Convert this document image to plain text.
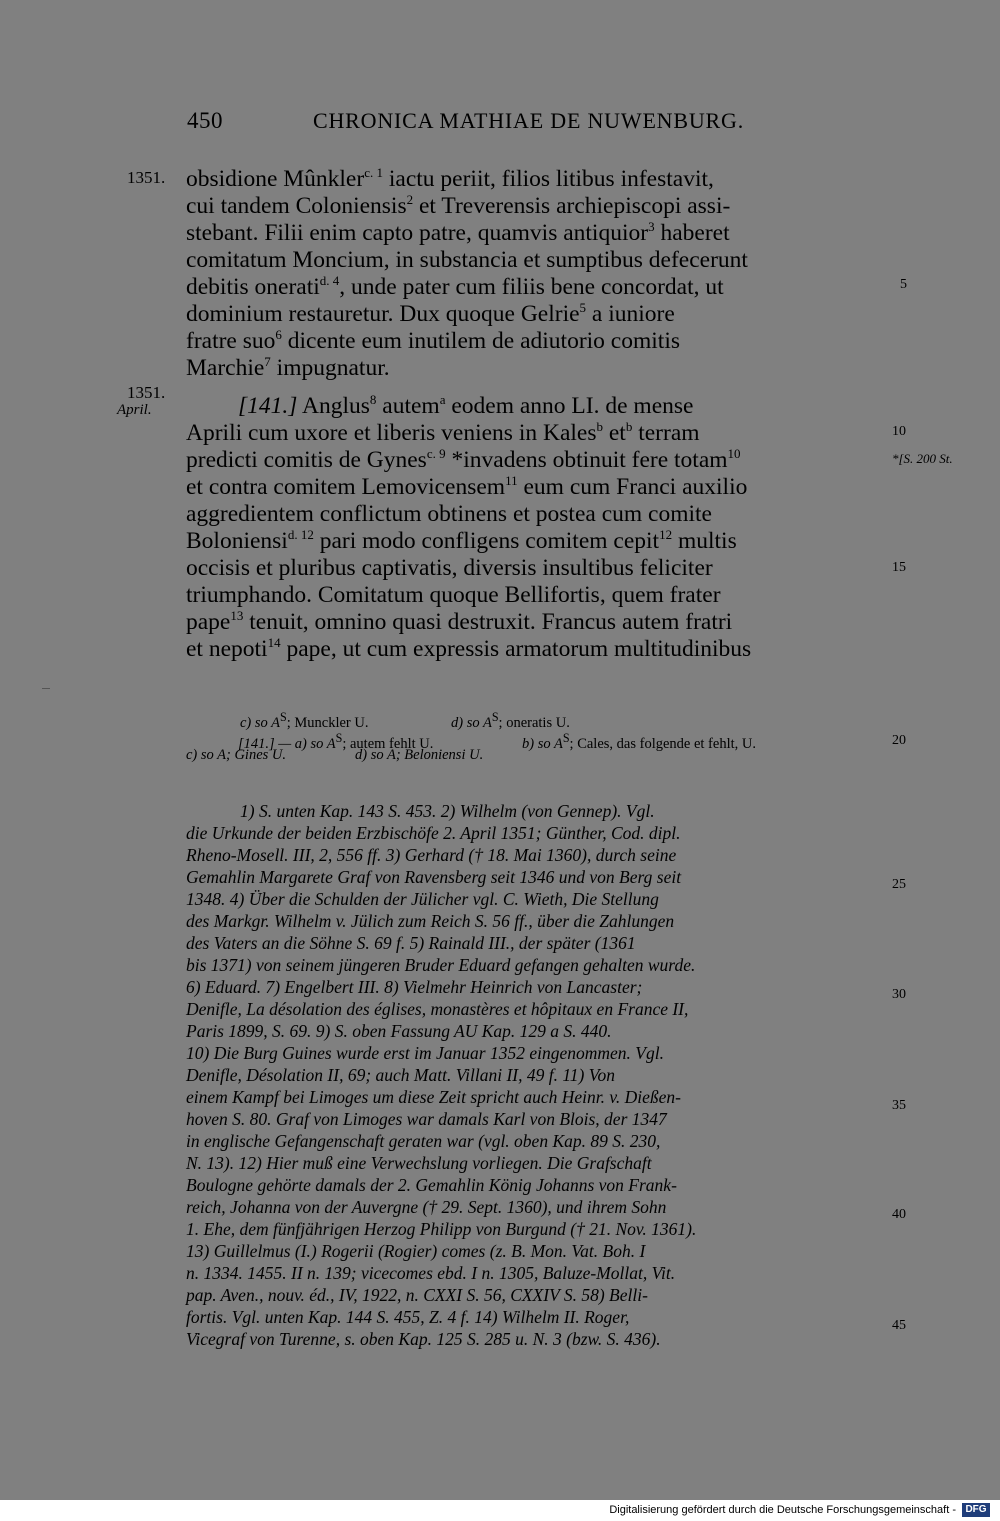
450	CHRONICA MATHIAE DE NUWENBURG.
1351.
1351.
April.
*[S. 200 St.
5
10
15
20
25
30
35
40
45
obsidione Mûnkler$^{c. 1}$ iactu periit, filios litibus infestavit,
cui tandem Coloniensis$^2$ et Treverensis archiepiscopi assi-
stebant. Filii enim capto patre, quamvis antiquior$^3$ haberet
comitatum Moncium, in substancia et sumptibus defecerunt
debitis onerati$^{d. 4}$, unde pater cum filiis bene concordat, ut
dominium restauretur. Dux quoque Gelrie$^5$ a iuniore
fratre suo$^6$ dicente eum inutilem de adiutorio comitis
Marchie$^7$ impugnatur.
[141.] Anglus$^8$ autem$^a$ eodem anno LI. de mense
Aprili cum uxore et liberis veniens in Kales$^b$ $et^b$ terram
predicti comitis de Gynes$^{c. 9}$ *invadens obtinuit fere totam$^{10}$
et contra comitem Lemovicensem$^{11}$ eum cum Franci auxilio
aggredientem conflictum obtinens et postea cum comite
Boloniensi$^{d. 12}$ pari modo confligens comitem cepit$^{12}$ multis
occisis et pluribus captivatis, diversis insultibus feliciter
triumphando. Comitatum quoque Bellifortis, quem frater
pape$^{13}$ tenuit, omnino quasi destruxit. Francus autem fratri
et nepoti$^{14}$ pape, ut cum expressis armatorum multitudinibus
c) so $A^S$; Munckler U.	d) so $A^S$; oneratis U.
[141.] — a) so $A^S$; autem fehlt U.	b) so $A^S$; Cales, das folgende et fehlt, U.
c) so A; Gines U.	d) so A; Beloniensi U.
1) S. unten Kap. 143 S. 453. 2) Wilhelm (von Gennep). Vgl.
die Urkunde der beiden Erzbischöfe 2. April 1351; Günther, Cod. dipl.
Rheno-Mosell. III, 2, 556 ff. 3) Gerhard († 18. Mai 1360), durch seine
Gemahlin Margarete Graf von Ravensberg seit 1346 und von Berg seit
1348. 4) Über die Schulden der Jülicher vgl. C. Wieth, Die Stellung
des Markgr. Wilhelm v. Jülich zum Reich S. 56 ff., über die Zahlungen
des Vaters an die Söhne S. 69 f. 5) Rainald III., der später (1361
bis 1371) von seinem jüngeren Bruder Eduard gefangen gehalten wurde.
6) Eduard. 7) Engelbert III. 8) Vielmehr Heinrich von Lancaster;
Denifle, La désolation des églises, monastères et hôpitaux en France II,
Paris 1899, S. 69. 9) S. oben Fassung AU Kap. 129 a S. 440.
10) Die Burg Guines wurde erst im Januar 1352 eingenommen. Vgl.
Denifle, Désolation II, 69; auch Matt. Villani II, 49 f. 11) Von
einem Kampf bei Limoges um diese Zeit spricht auch Heinr. v. Dießen-
hoven S. 80. Graf von Limoges war damals Karl von Blois, der 1347
in englische Gefangenschaft geraten war (vgl. oben Kap. 89 S. 230,
N. 13). 12) Hier muß eine Verwechslung vorliegen. Die Grafschaft
Boulogne gehörte damals der 2. Gemahlin König Johanns von Frank-
reich, Johanna von der Auvergne († 29. Sept. 1360), und ihrem Sohn
1. Ehe, dem fünfjährigen Herzog Philipp von Burgund († 21. Nov. 1361).
13) Guillelmus (I.) Rogerii (Rogier) comes (z. B. Mon. Vat. Boh. I
n. 1334. 1455. II n. 139; vicecomes ebd. I n. 1305, Baluze-Mollat, Vit.
pap. Aven., nouv. éd., IV, 1922, n. CXXI S. 56, CXXIV S. 58) Belli-
fortis. Vgl. unten Kap. 144 S. 455, Z. 4 f. 14) Wilhelm II. Roger,
Vicegraf von Turenne, s. oben Kap. 125 S. 285 u. N. 3 (bzw. S. 436).
Digitalisierung gefördert durch die Deutsche Forschungsgemeinschaft - DFG
